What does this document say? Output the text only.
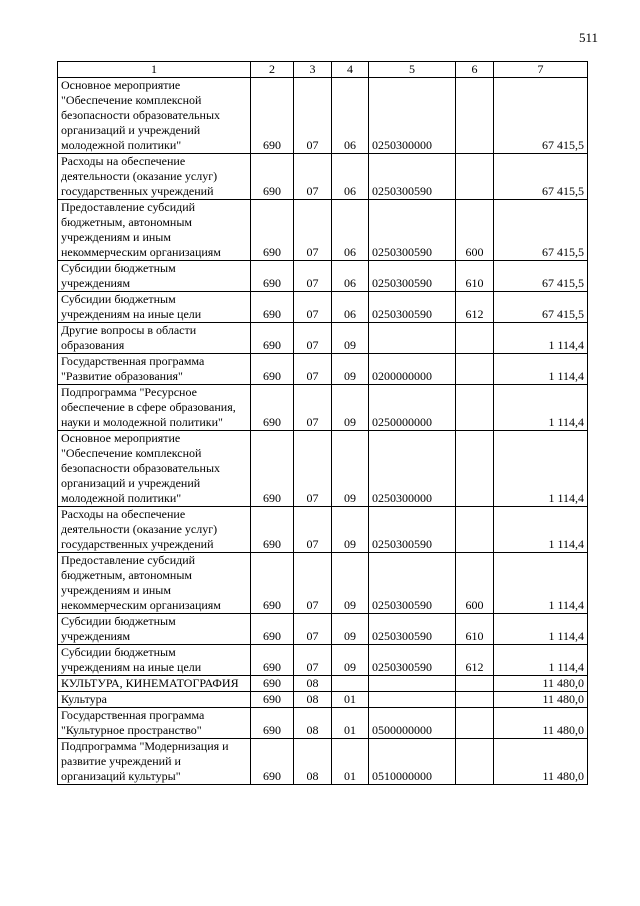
511
1	2	3	4	5	6	7
Основное мероприятие "Обеспечение комплексной безопасности образовательных организаций и учреждений молодежной политики"	690	07	06	0250300000		67 415,5
Расходы на обеспечение деятельности (оказание услуг) государственных учреждений	690	07	06	0250300590		67 415,5
Предоставление субсидий бюджетным, автономным учреждениям и иным некоммерческим организациям	690	07	06	0250300590	600	67 415,5
Субсидии бюджетным учреждениям	690	07	06	0250300590	610	67 415,5
Субсидии бюджетным учреждениям на иные цели	690	07	06	0250300590	612	67 415,5
Другие вопросы в области образования	690	07	09			1 114,4
Государственная программа "Развитие образования"	690	07	09	0200000000		1 114,4
Подпрограмма "Ресурсное обеспечение в сфере образования, науки и молодежной политики"	690	07	09	0250000000		1 114,4
Основное мероприятие "Обеспечение комплексной безопасности образовательных организаций и учреждений молодежной политики"	690	07	09	0250300000		1 114,4
Расходы на обеспечение деятельности (оказание услуг) государственных учреждений	690	07	09	0250300590		1 114,4
Предоставление субсидий бюджетным, автономным учреждениям и иным некоммерческим организациям	690	07	09	0250300590	600	1 114,4
Субсидии бюджетным учреждениям	690	07	09	0250300590	610	1 114,4
Субсидии бюджетным учреждениям на иные цели	690	07	09	0250300590	612	1 114,4
КУЛЬТУРА, КИНЕМАТОГРАФИЯ	690	08				11 480,0
Культура	690	08	01			11 480,0
Государственная программа "Культурное пространство"	690	08	01	0500000000		11 480,0
Подпрограмма "Модернизация и развитие учреждений и организаций культуры"	690	08	01	0510000000		11 480,0
